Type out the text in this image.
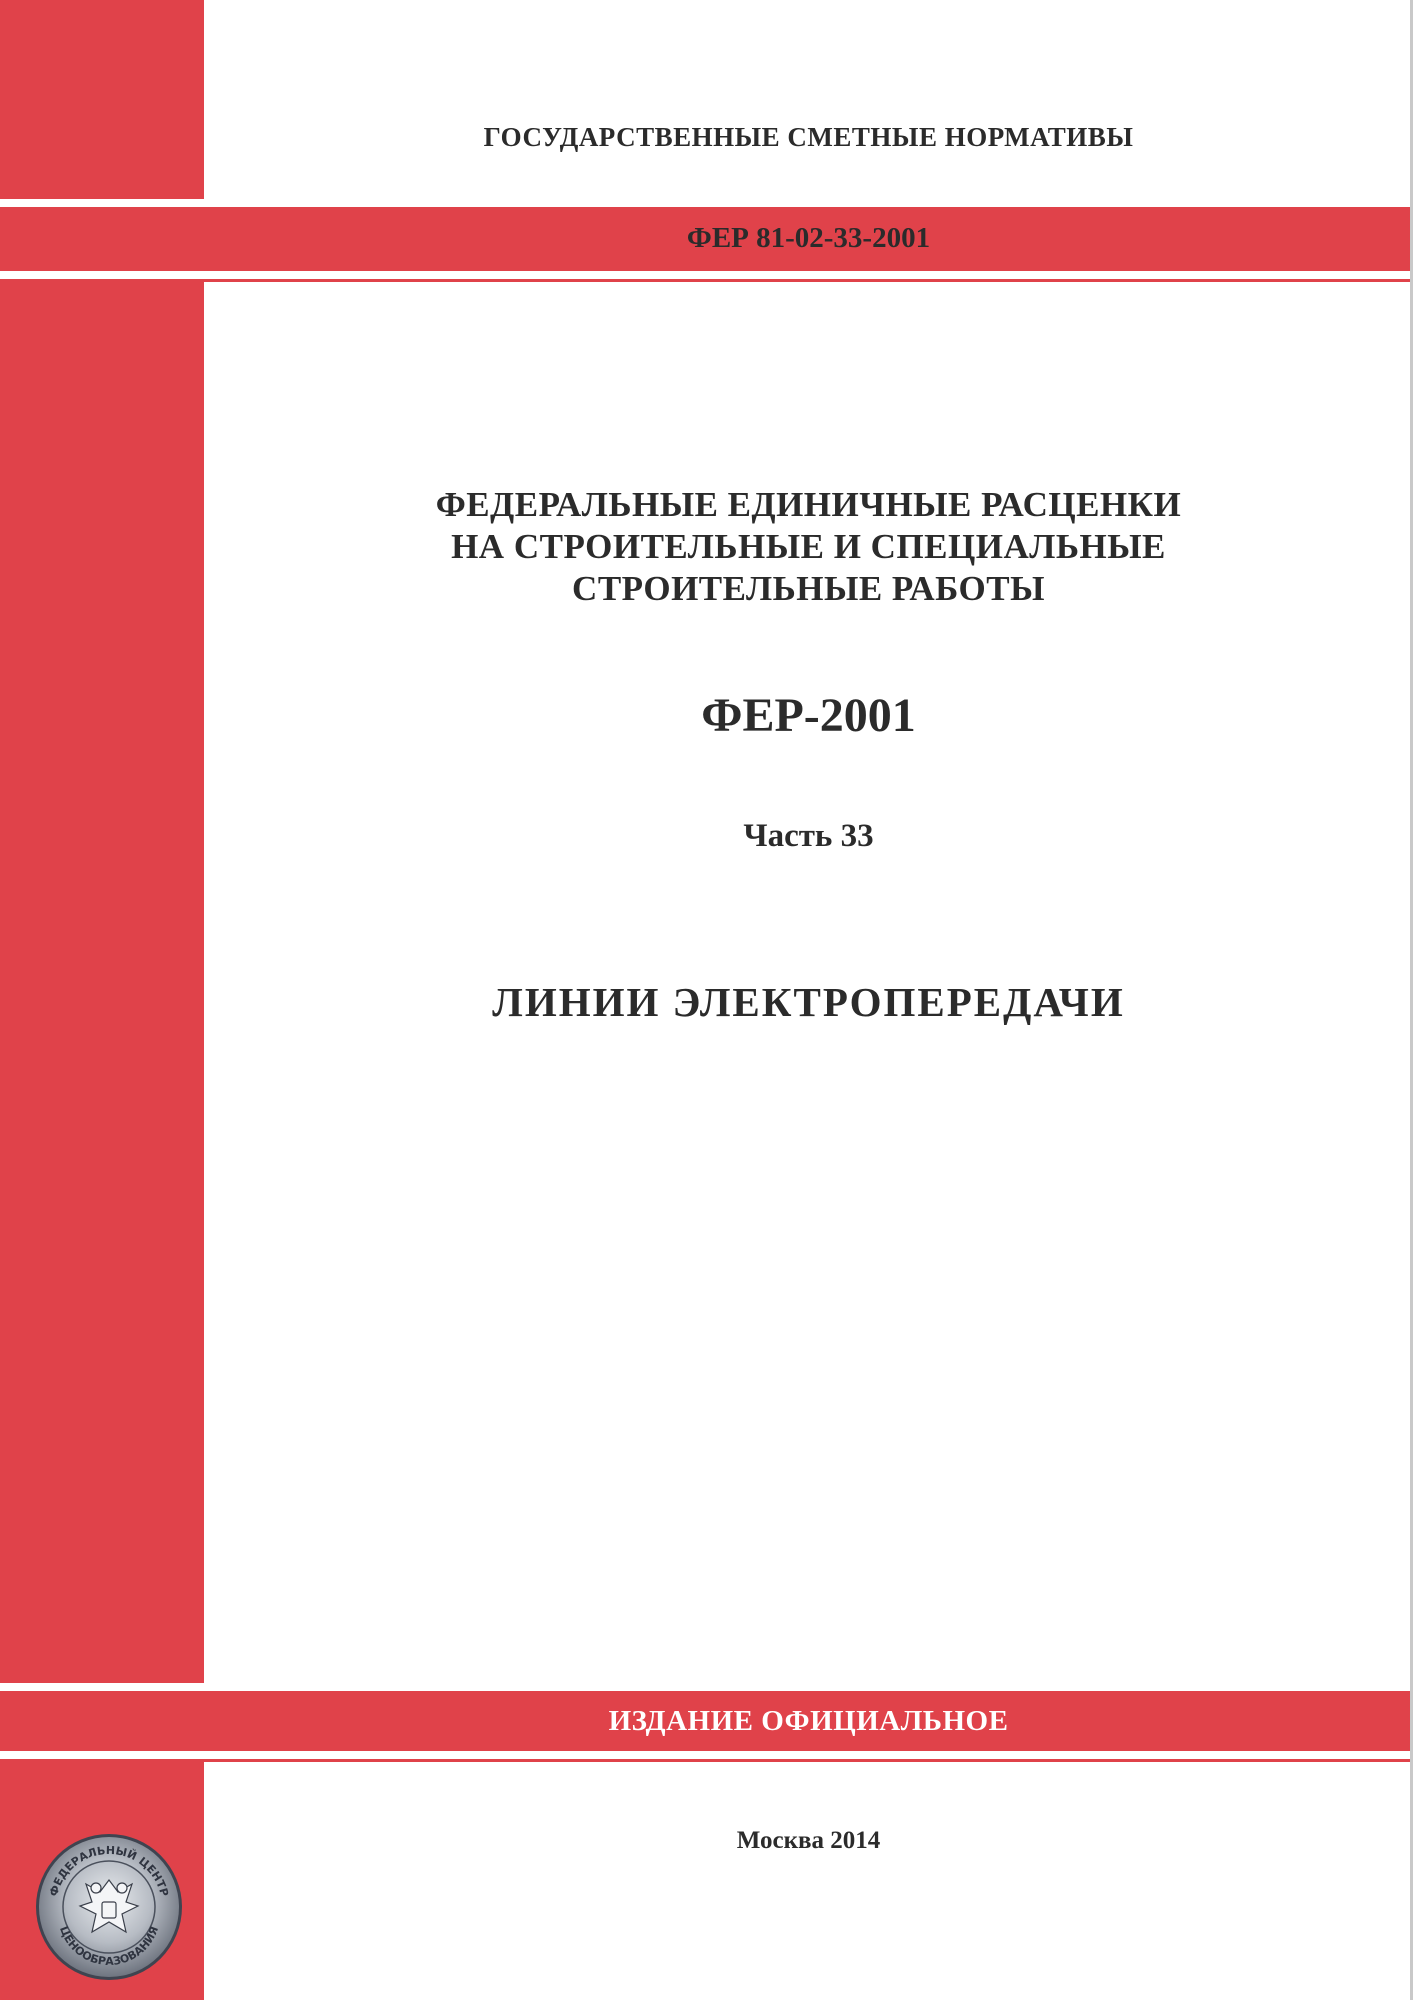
ГОСУДАРСТВЕННЫЕ СМЕТНЫЕ НОРМАТИВЫ
ФЕР 81-02-33-2001
ФЕДЕРАЛЬНЫЕ ЕДИНИЧНЫЕ РАСЦЕНКИ
НА СТРОИТЕЛЬНЫЕ И СПЕЦИАЛЬНЫЕ
СТРОИТЕЛЬНЫЕ РАБОТЫ
ФЕР-2001
Часть 33
ЛИНИИ ЭЛЕКТРОПЕРЕДАЧИ
ИЗДАНИЕ ОФИЦИАЛЬНОЕ
Москва 2014
ФЕДЕРАЛЬНЫЙ ЦЕНТР
ЦЕНООБРАЗОВАНИЯ
